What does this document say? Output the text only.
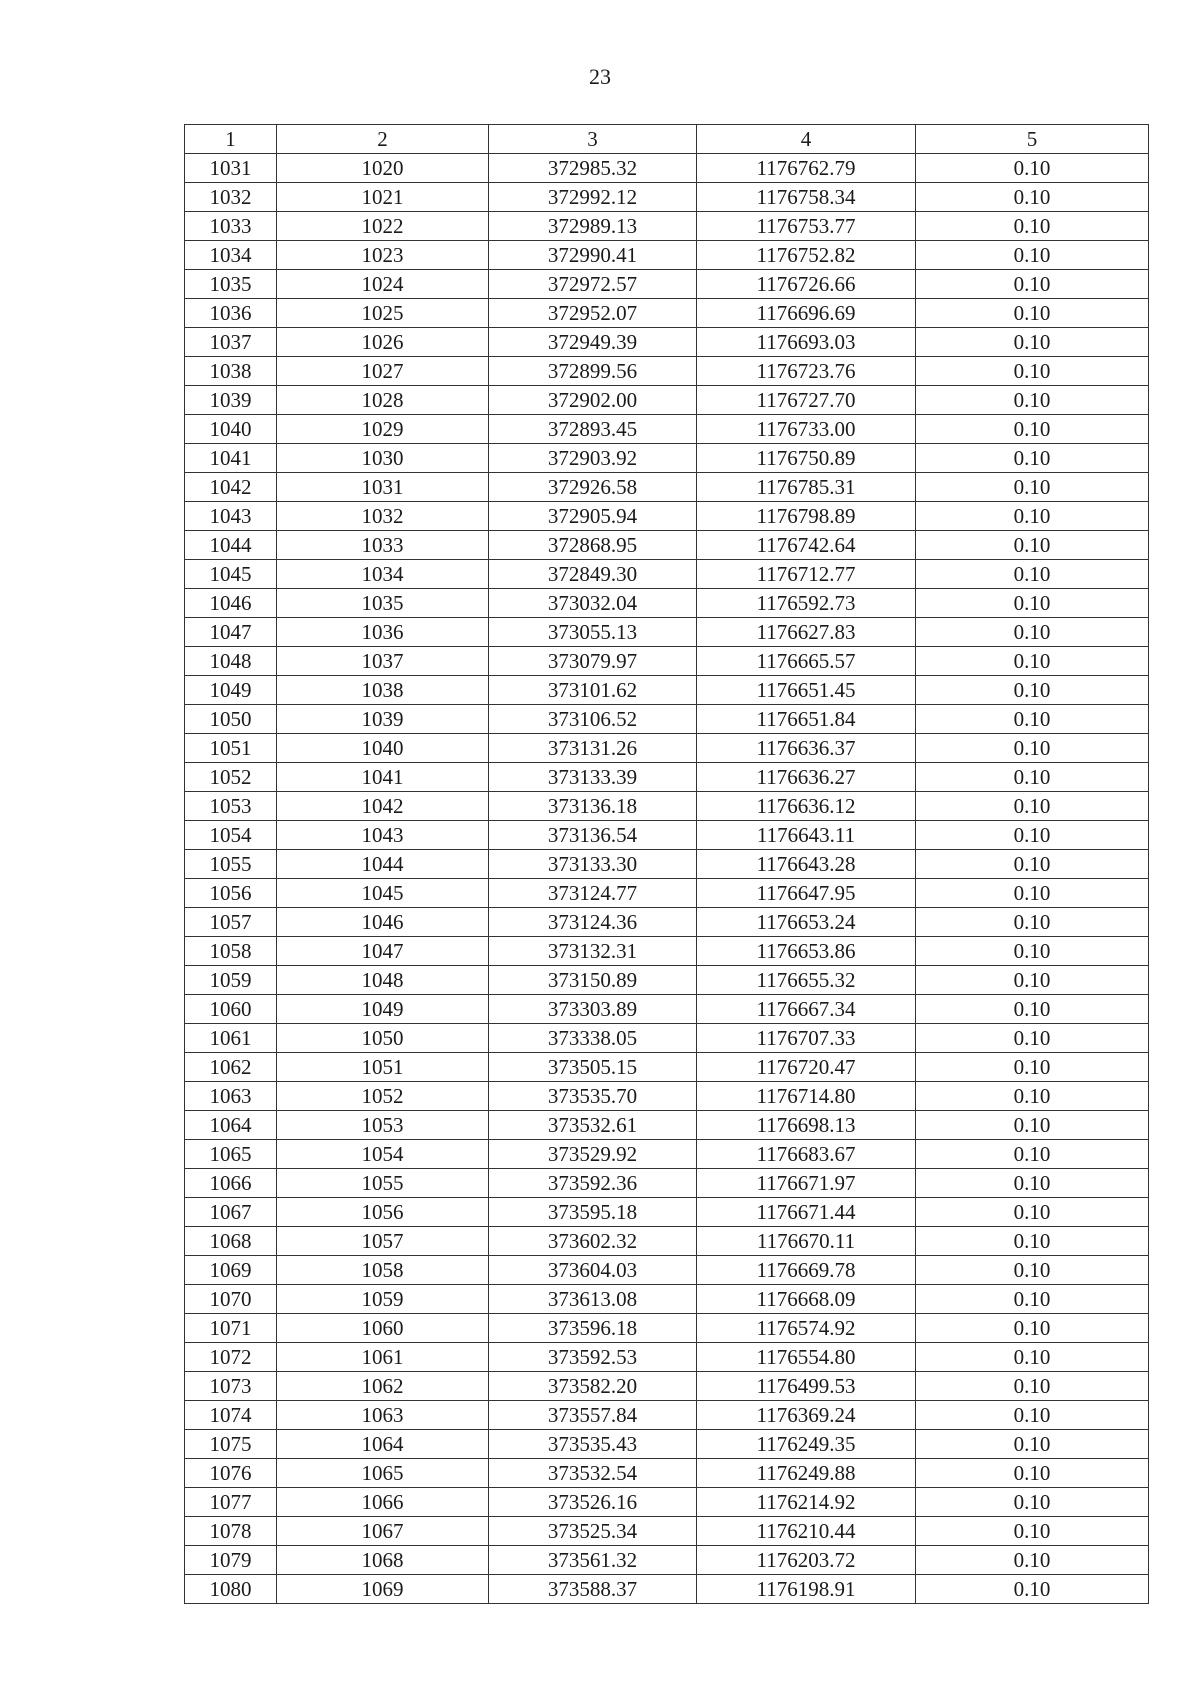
23
1	2	3	4	5
1031	1020	372985.32	1176762.79	0.10
1032	1021	372992.12	1176758.34	0.10
1033	1022	372989.13	1176753.77	0.10
1034	1023	372990.41	1176752.82	0.10
1035	1024	372972.57	1176726.66	0.10
1036	1025	372952.07	1176696.69	0.10
1037	1026	372949.39	1176693.03	0.10
1038	1027	372899.56	1176723.76	0.10
1039	1028	372902.00	1176727.70	0.10
1040	1029	372893.45	1176733.00	0.10
1041	1030	372903.92	1176750.89	0.10
1042	1031	372926.58	1176785.31	0.10
1043	1032	372905.94	1176798.89	0.10
1044	1033	372868.95	1176742.64	0.10
1045	1034	372849.30	1176712.77	0.10
1046	1035	373032.04	1176592.73	0.10
1047	1036	373055.13	1176627.83	0.10
1048	1037	373079.97	1176665.57	0.10
1049	1038	373101.62	1176651.45	0.10
1050	1039	373106.52	1176651.84	0.10
1051	1040	373131.26	1176636.37	0.10
1052	1041	373133.39	1176636.27	0.10
1053	1042	373136.18	1176636.12	0.10
1054	1043	373136.54	1176643.11	0.10
1055	1044	373133.30	1176643.28	0.10
1056	1045	373124.77	1176647.95	0.10
1057	1046	373124.36	1176653.24	0.10
1058	1047	373132.31	1176653.86	0.10
1059	1048	373150.89	1176655.32	0.10
1060	1049	373303.89	1176667.34	0.10
1061	1050	373338.05	1176707.33	0.10
1062	1051	373505.15	1176720.47	0.10
1063	1052	373535.70	1176714.80	0.10
1064	1053	373532.61	1176698.13	0.10
1065	1054	373529.92	1176683.67	0.10
1066	1055	373592.36	1176671.97	0.10
1067	1056	373595.18	1176671.44	0.10
1068	1057	373602.32	1176670.11	0.10
1069	1058	373604.03	1176669.78	0.10
1070	1059	373613.08	1176668.09	0.10
1071	1060	373596.18	1176574.92	0.10
1072	1061	373592.53	1176554.80	0.10
1073	1062	373582.20	1176499.53	0.10
1074	1063	373557.84	1176369.24	0.10
1075	1064	373535.43	1176249.35	0.10
1076	1065	373532.54	1176249.88	0.10
1077	1066	373526.16	1176214.92	0.10
1078	1067	373525.34	1176210.44	0.10
1079	1068	373561.32	1176203.72	0.10
1080	1069	373588.37	1176198.91	0.10
